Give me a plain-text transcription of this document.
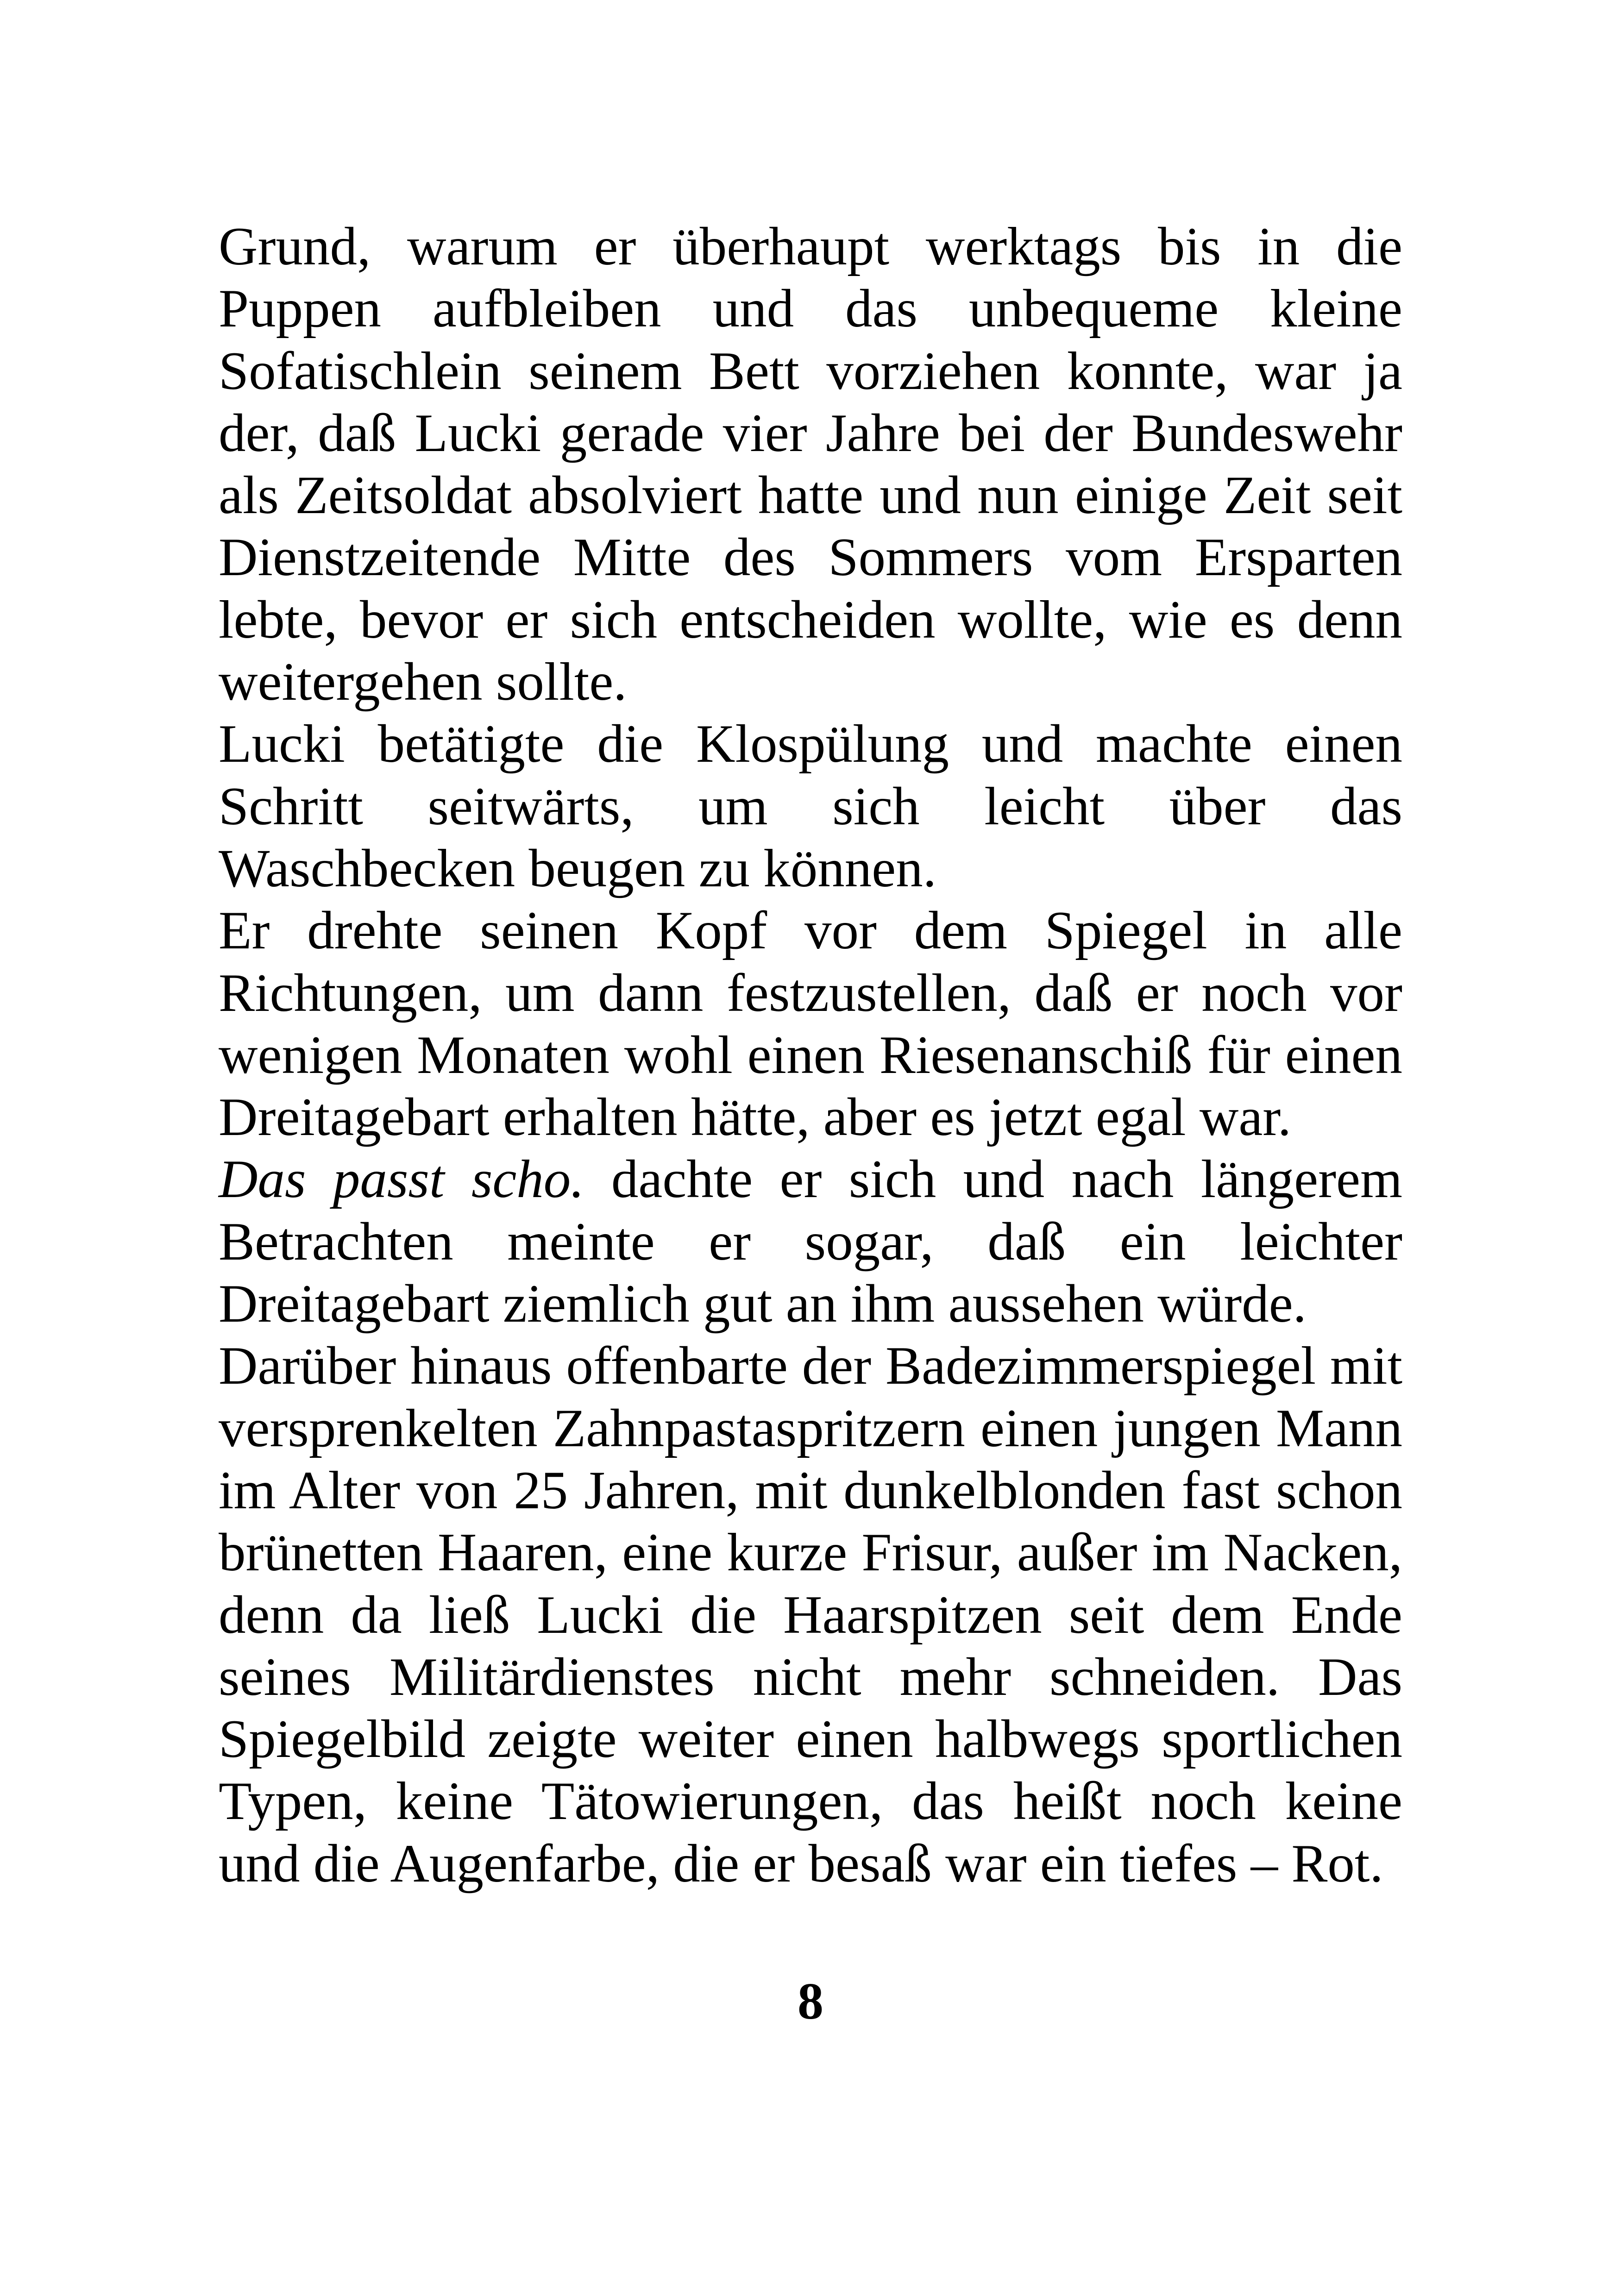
Grund, warum er überhaupt werktags bis in die Puppen aufbleiben und das unbequeme kleine Sofatischlein seinem Bett vorziehen konnte, war ja der, daß Lucki gerade vier Jahre bei der Bundeswehr als Zeitsoldat absolviert hatte und nun einige Zeit seit Dienstzeitende Mitte des Sommers vom Ersparten lebte, bevor er sich entscheiden wollte, wie es denn weitergehen sollte.

Lucki betätigte die Klospülung und machte einen Schritt seitwärts, um sich leicht über das Waschbecken beugen zu können.

Er drehte seinen Kopf vor dem Spiegel in alle Richtungen, um dann festzustellen, daß er noch vor wenigen Monaten wohl einen Riesenanschiß für einen Dreitagebart erhalten hätte, aber es jetzt egal war.

Das passt scho. dachte er sich und nach längerem Betrachten meinte er sogar, daß ein leichter Dreitagebart ziemlich gut an ihm aussehen würde.

Darüber hinaus offenbarte der Badezimmerspiegel mit versprenkelten Zahnpastaspritzern einen jungen Mann im Alter von 25 Jahren, mit dunkelblonden fast schon brünetten Haaren, eine kurze Frisur, außer im Nacken, denn da ließ Lucki die Haarspitzen seit dem Ende seines Militärdienstes nicht mehr schneiden. Das Spiegelbild zeigte weiter einen halbwegs sportlichen Typen, keine Tätowierungen, das heißt noch keine und die Augenfarbe, die er besaß war ein tiefes – Rot.

8
